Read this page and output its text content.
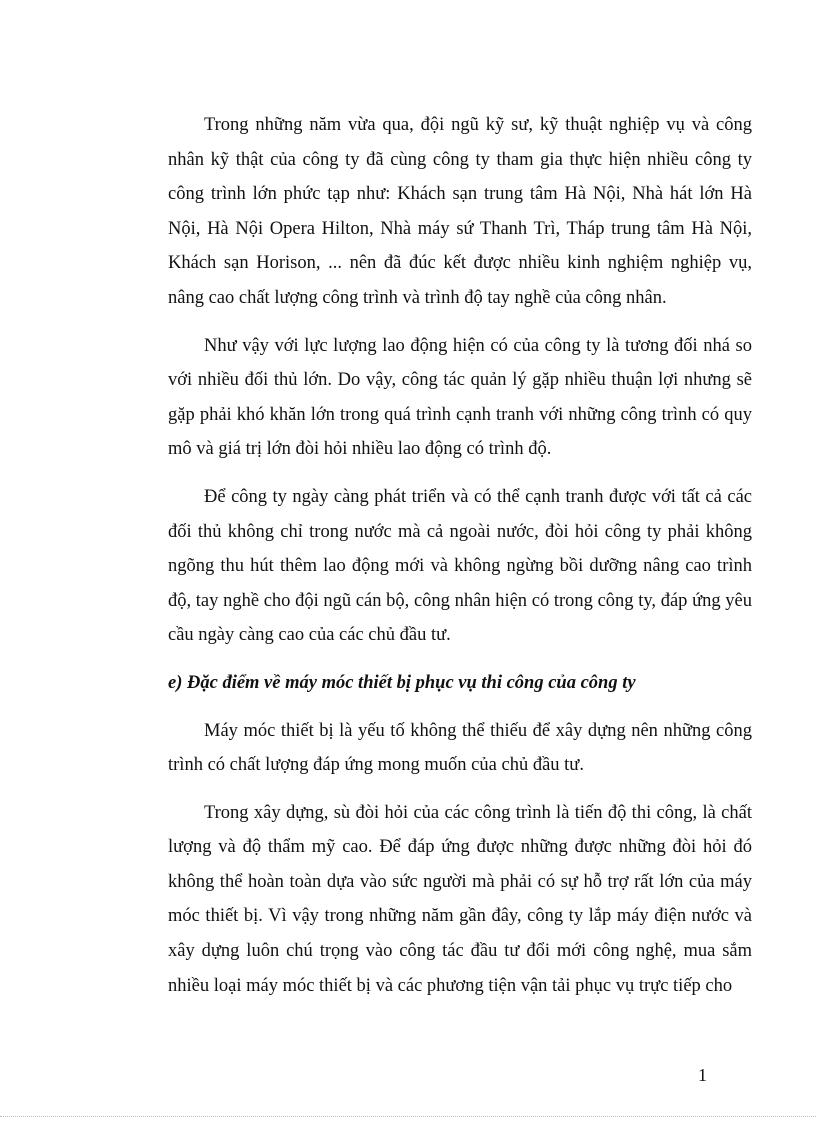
Trong những năm vừa qua, đội ngũ kỹ sư, kỹ thuật nghiệp vụ và công nhân kỹ thật của công ty đã cùng công ty tham gia thực hiện nhiều công ty công trình lớn phức tạp như: Khách sạn trung tâm Hà Nội, Nhà hát lớn Hà Nội, Hà Nội Opera Hilton, Nhà máy sứ Thanh Trì, Tháp trung tâm Hà Nội, Khách sạn Horison, ... nên đã đúc kết được nhiều kinh nghiệm nghiệp vụ, nâng cao chất lượng công trình và trình độ tay nghề của công nhân.

Như vậy với lực lượng lao động hiện có của công ty là tương đối nhá so với nhiều đối thủ lớn. Do vậy, công tác quản lý gặp nhiều thuận lợi nhưng sẽ gặp phải khó khăn lớn trong quá trình cạnh tranh với những công trình có quy mô và giá trị lớn đòi hỏi nhiều lao động có trình độ.

Để công ty ngày càng phát triển và có thể cạnh tranh được với tất cả các đối thủ không chỉ trong nước mà cả ngoài nước, đòi hỏi công ty phải không ngõng thu hút thêm lao động mới và không ngừng bồi dưỡng nâng cao trình độ, tay nghề cho đội ngũ cán bộ, công nhân hiện có trong công ty, đáp ứng yêu cầu ngày càng cao của các chủ đầu tư.

e) Đặc điểm về máy móc thiết bị phục vụ thi công của công ty

Máy móc thiết bị là yếu tố không thể thiếu để xây dựng nên những công trình có chất lượng đáp ứng mong muốn của chủ đầu tư.

Trong xây dựng, sù đòi hỏi của các công trình là tiến độ thi công, là chất lượng và độ thẩm mỹ cao. Để đáp ứng được những được những đòi hỏi đó không thể hoàn toàn dựa vào sức người mà phải có sự hỗ trợ rất lớn của máy móc thiết bị. Vì vậy trong những năm gần đây, công ty lắp máy điện nước và xây dựng luôn chú trọng vào công tác đầu tư đổi mới công nghệ, mua sắm nhiều loại máy móc thiết bị và các phương tiện vận tải phục vụ trực tiếp cho

1
